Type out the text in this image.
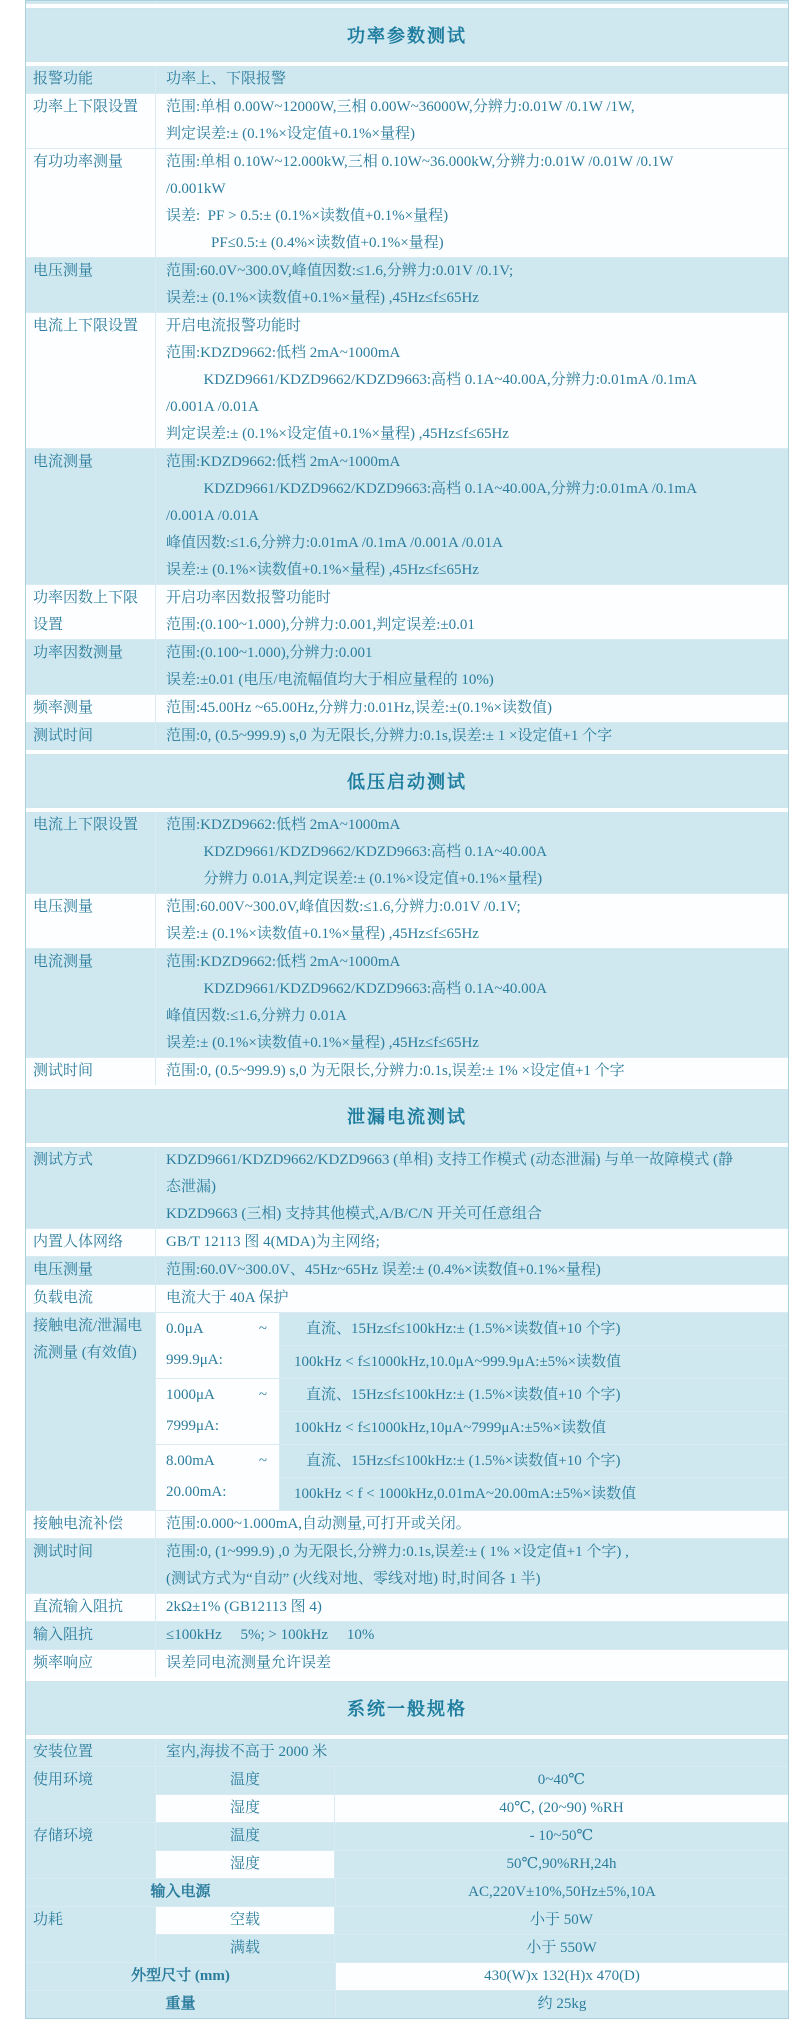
功率参数测试
报警功能	功率上、下限报警
功率上下限设置	范围:单相 0.00W~12000W,三相 0.00W~36000W,分辨力:0.01W /0.1W /1W,
判定误差:± (0.1%×设定值+0.1%×量程)
有功功率测量	范围:单相 0.10W~12.000kW,三相 0.10W~36.000kW,分辨力:0.01W /0.01W /0.1W
/0.001kW
误差:  PF > 0.5:± (0.1%×读数值+0.1%×量程)
PF≤0.5:± (0.4%×读数值+0.1%×量程)
电压测量	范围:60.0V~300.0V,峰值因数:≤1.6,分辨力:0.01V /0.1V;
误差:± (0.1%×读数值+0.1%×量程) ,45Hz≤f≤65Hz
电流上下限设置	开启电流报警功能时
范围:KDZD9662:低档 2mA~1000mA
KDZD9661/KDZD9662/KDZD9663:高档 0.1A~40.00A,分辨力:0.01mA /0.1mA
/0.001A /0.01A
判定误差:± (0.1%×设定值+0.1%×量程) ,45Hz≤f≤65Hz
电流测量	范围:KDZD9662:低档 2mA~1000mA
KDZD9661/KDZD9662/KDZD9663:高档 0.1A~40.00A,分辨力:0.01mA /0.1mA
/0.001A /0.01A
峰值因数:≤1.6,分辨力:0.01mA /0.1mA /0.001A /0.01A
误差:± (0.1%×读数值+0.1%×量程) ,45Hz≤f≤65Hz
功率因数上下限设置
开启功率因数报警功能时
范围:(0.100~1.000),分辨力:0.001,判定误差:±0.01
功率因数测量	范围:(0.100~1.000),分辨力:0.001
误差:±0.01 (电压/电流幅值均大于相应量程的 10%)
频率测量	范围:45.00Hz ~65.00Hz,分辨力:0.01Hz,误差:±(0.1%×读数值)
测试时间	范围:0, (0.5~999.9) s,0 为无限长,分辨力:0.1s,误差:± 1 ×设定值+1 个字
低压启动测试
电流上下限设置	范围:KDZD9662:低档 2mA~1000mA
KDZD9661/KDZD9662/KDZD9663:高档 0.1A~40.00A
分辨力 0.01A,判定误差:± (0.1%×设定值+0.1%×量程)
电压测量	范围:60.00V~300.0V,峰值因数:≤1.6,分辨力:0.01V /0.1V;
误差:± (0.1%×读数值+0.1%×量程) ,45Hz≤f≤65Hz
电流测量	范围:KDZD9662:低档 2mA~1000mA
KDZD9661/KDZD9662/KDZD9663:高档 0.1A~40.00A
峰值因数:≤1.6,分辨力 0.01A
误差:± (0.1%×读数值+0.1%×量程) ,45Hz≤f≤65Hz
测试时间	范围:0, (0.5~999.9) s,0 为无限长,分辨力:0.1s,误差:± 1% ×设定值+1 个字
泄漏电流测试
测试方式	KDZD9661/KDZD9662/KDZD9663 (单相) 支持工作模式 (动态泄漏) 与单一故障模式 (静
态泄漏)
KDZD9663 (三相) 支持其他模式,A/B/C/N 开关可任意组合
内置人体网络	GB/T 12113 图 4(MDA)为主网络;
电压测量	范围:60.0V~300.0V、45Hz~65Hz 误差:± (0.4%×读数值+0.1%×量程)
负载电流	电流大于 40A 保护
接触电流/泄漏电流测量 (有效值)
0.0μA	~
999.9μA:
直流、15Hz≤f≤100kHz:± (1.5%×读数值+10 个字)
100kHz < f≤1000kHz,10.0μA~999.9μA:±5%×读数值
1000μA	~
7999μA:
直流、15Hz≤f≤100kHz:± (1.5%×读数值+10 个字)
100kHz < f≤1000kHz,10μA~7999μA:±5%×读数值
8.00mA	~
20.00mA:
直流、15Hz≤f≤100kHz:± (1.5%×读数值+10 个字)
100kHz < f < 1000kHz,0.01mA~20.00mA:±5%×读数值
接触电流补偿	范围:0.000~1.000mA,自动测量,可打开或关闭。
测试时间	范围:0, (1~999.9) ,0 为无限长,分辨力:0.1s,误差:± ( 1% ×设定值+1 个字) ,
(测试方式为“自动” (火线对地、零线对地) 时,时间各 1 半)
直流输入阻抗	2kΩ±1% (GB12113 图 4)
输入阻抗	≤100kHz     5%; > 100kHz     10%
频率响应	误差同电流测量允许误差
系统一般规格
安装位置	室内,海拔不高于 2000 米
使用环境	温度	0~40℃
湿度	40℃, (20~90) %RH
存储环境	温度	- 10~50℃
湿度	50℃,90%RH,24h
输入电源	AC,220V±10%,50Hz±5%,10A
功耗	空载	小于 50W
满载	小于 550W
外型尺寸 (mm)	430(W)x 132(H)x 470(D)
重量	约 25kg
